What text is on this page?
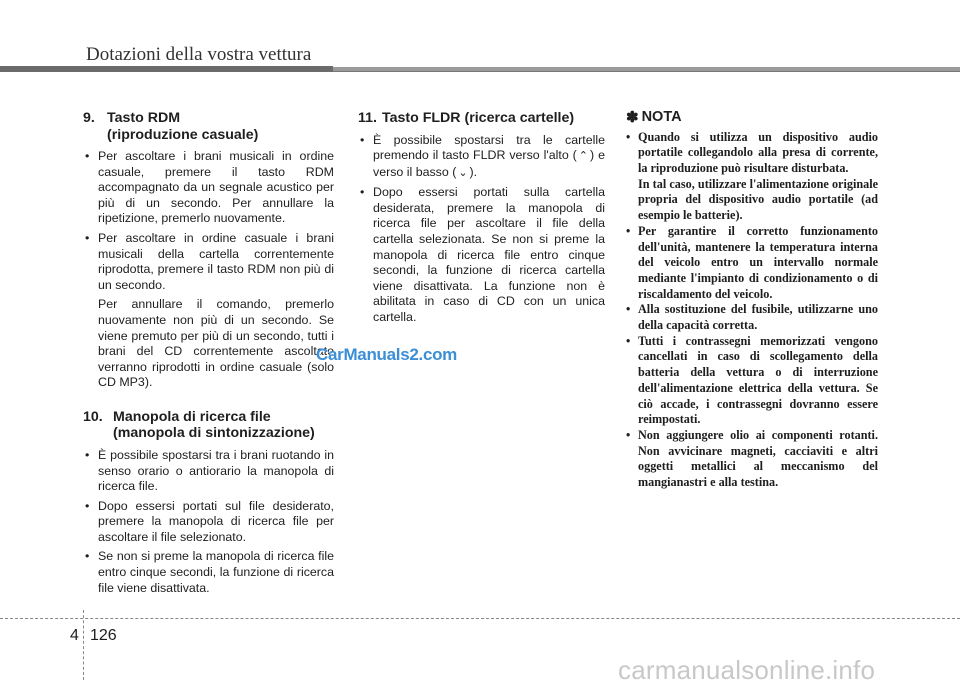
Dotazioni della vostra vettura
9. Tasto RDM
(riproduzione casuale)
• Per ascoltare i brani musicali in ordine casuale, premere il tasto RDM accompagnato da un segnale acustico per più di un secondo. Per annullare la ripetizione, premerlo nuovamente.
• Per ascoltare in ordine casuale i brani musicali della cartella correntemente riprodotta, premere il tasto RDM non più di un secondo.

Per annullare il comando, premerlo nuovamente non più di un secondo. Se viene premuto per più di un secondo, tutti i brani del CD correntemente ascoltato verranno riprodotti in ordine casuale (solo CD MP3).

10. Manopola di ricerca file
(manopola di sintonizzazione)
• È possibile spostarsi tra i brani ruotando in senso orario o antiorario la manopola di ricerca file.
• Dopo essersi portati sul file desiderato, premere la manopola di ricerca file per ascoltare il file selezionato.
• Se non si preme la manopola di ricerca file entro cinque secondi, la funzione di ricerca file viene disattivata.
11. Tasto FLDR (ricerca cartelle)
• È possibile spostarsi tra le cartelle premendo il tasto FLDR verso l'alto ( ⌃ ) e verso il basso ( ⌄ ).
• Dopo essersi portati sulla cartella desiderata, premere la manopola di ricerca file per ascoltare il file della cartella selezionata. Se non si preme la manopola di ricerca file entro cinque secondi, la funzione di ricerca cartella viene disattivata. La funzione non è abilitata in caso di CD con un unica cartella.
✽ NOTA
• Quando si utilizza un dispositivo audio portatile collegandolo alla presa di corrente, la riproduzione può risultare disturbata.
In tal caso, utilizzare l'alimentazione originale propria del dispositivo audio portatile (ad esempio le batterie).
• Per garantire il corretto funzionamento dell'unità, mantenere la temperatura interna del veicolo entro un intervallo normale mediante l'impianto di condizionamento o di riscaldamento del veicolo.
• Alla sostituzione del fusibile, utilizzarne uno della capacità corretta.
• Tutti i contrassegni memorizzati vengono cancellati in caso di scollegamento della batteria della vettura o di interruzione dell'alimentazione elettrica della vettura. Se ciò accade, i contrassegni dovranno essere reimpostati.
• Non aggiungere olio ai componenti rotanti. Non avvicinare magneti, cacciaviti e altri oggetti metallici al meccanismo del mangianastri e alla testina.
CarManuals2.com
4 126
carmanualsonline.info
